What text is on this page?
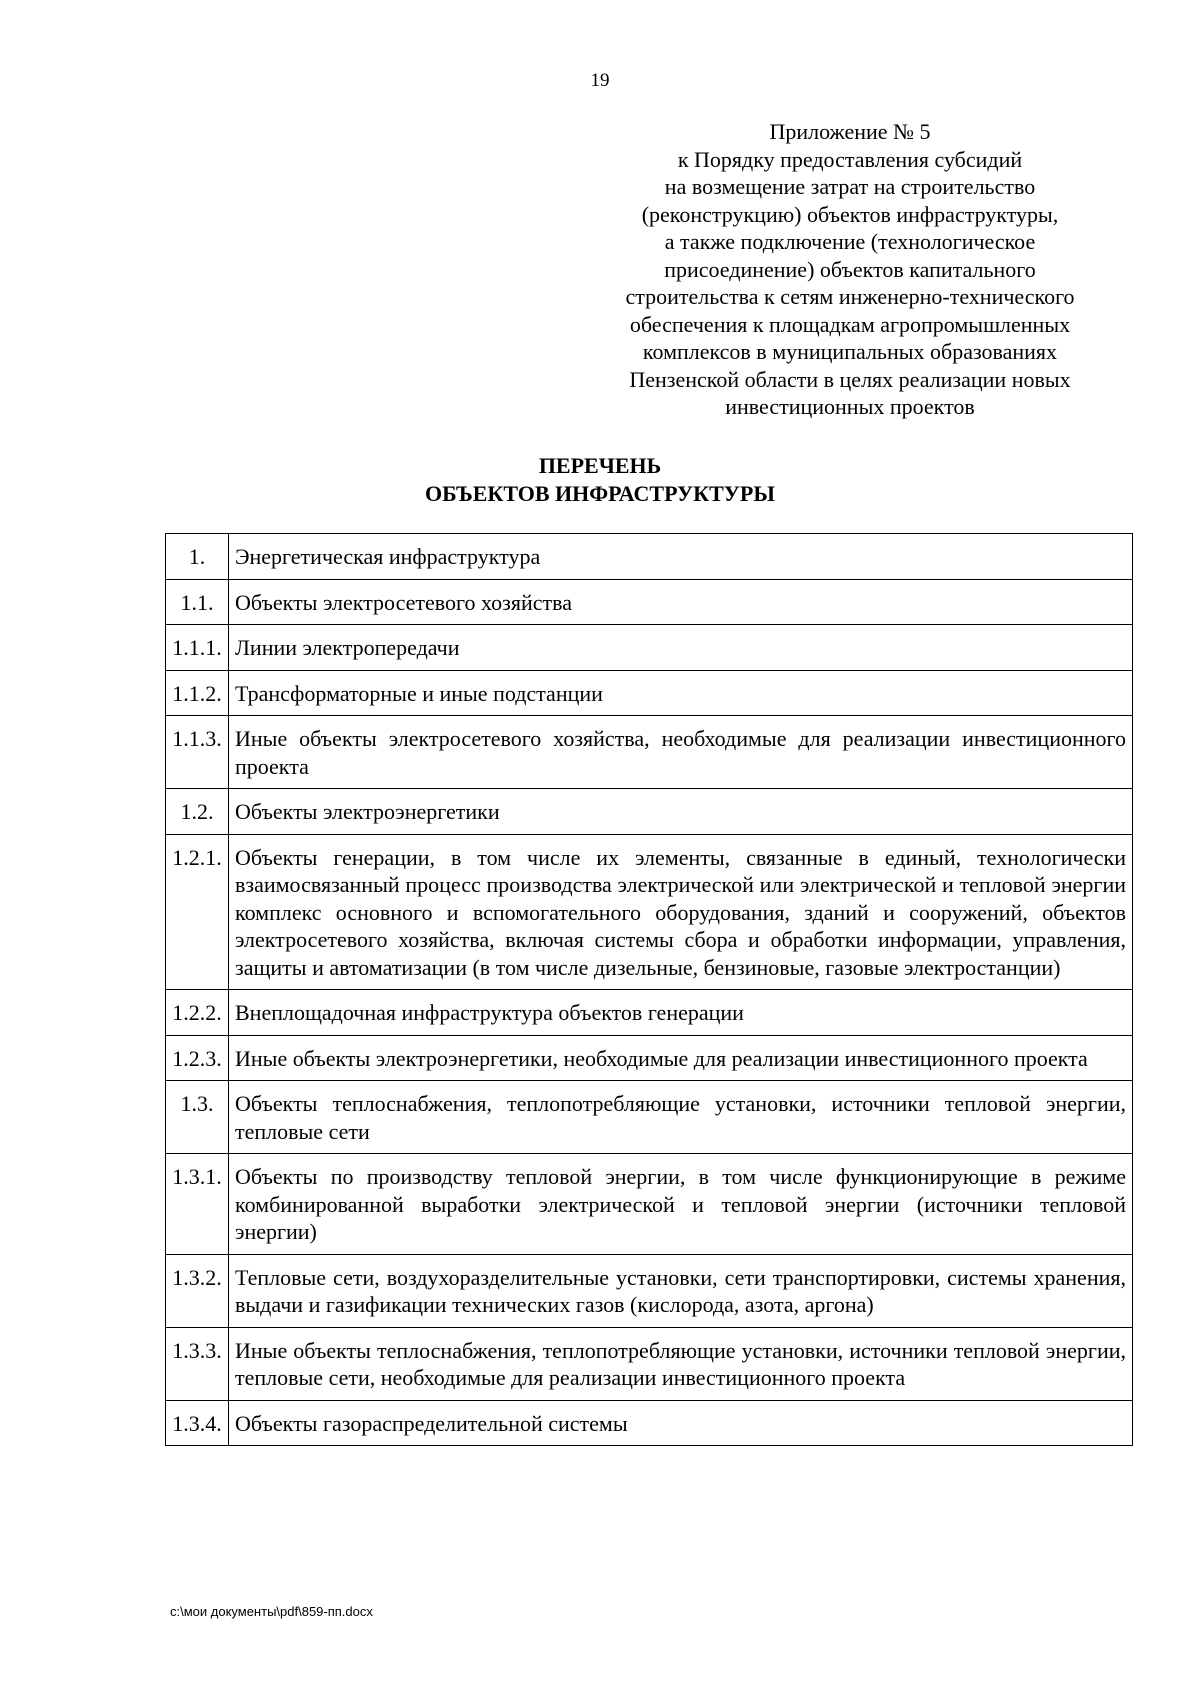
19
Приложение № 5
к Порядку предоставления субсидий
на возмещение затрат на строительство
(реконструкцию) объектов инфраструктуры,
а также подключение (технологическое
присоединение) объектов капитального
строительства к сетям инженерно-технического
обеспечения к площадкам агропромышленных
комплексов в муниципальных образованиях
Пензенской области в целях реализации новых
инвестиционных проектов
ПЕРЕЧЕНЬ
ОБЪЕКТОВ ИНФРАСТРУКТУРЫ
1.	Энергетическая инфраструктура
1.1.	Объекты электросетевого хозяйства
1.1.1.	Линии электропередачи
1.1.2.	Трансформаторные и иные подстанции
1.1.3.	Иные объекты электросетевого хозяйства, необходимые для реализации инвестиционного проекта
1.2.	Объекты электроэнергетики
1.2.1.	Объекты генерации, в том числе их элементы, связанные в единый, технологически взаимосвязанный процесс производства электрической или электрической и тепловой энергии комплекс основного и вспомогательного оборудования, зданий и сооружений, объектов электросетевого хозяйства, включая системы сбора и обработки информации, управления, защиты и автоматизации (в том числе дизельные, бензиновые, газовые электростанции)
1.2.2.	Внеплощадочная инфраструктура объектов генерации
1.2.3.	Иные объекты электроэнергетики, необходимые для реализации инвестиционного проекта
1.3.	Объекты теплоснабжения, теплопотребляющие установки, источники тепловой энергии, тепловые сети
1.3.1.	Объекты по производству тепловой энергии, в том числе функционирующие в режиме комбинированной выработки электрической и тепловой энергии (источники тепловой энергии)
1.3.2.	Тепловые сети, воздухоразделительные установки, сети транспортировки, системы хранения, выдачи и газификации технических газов (кислорода, азота, аргона)
1.3.3.	Иные объекты теплоснабжения, теплопотребляющие установки, источники тепловой энергии, тепловые сети, необходимые для реализации инвестиционного проекта
1.3.4.	Объекты газораспределительной системы
c:\мои документы\pdf\859-пп.docx
